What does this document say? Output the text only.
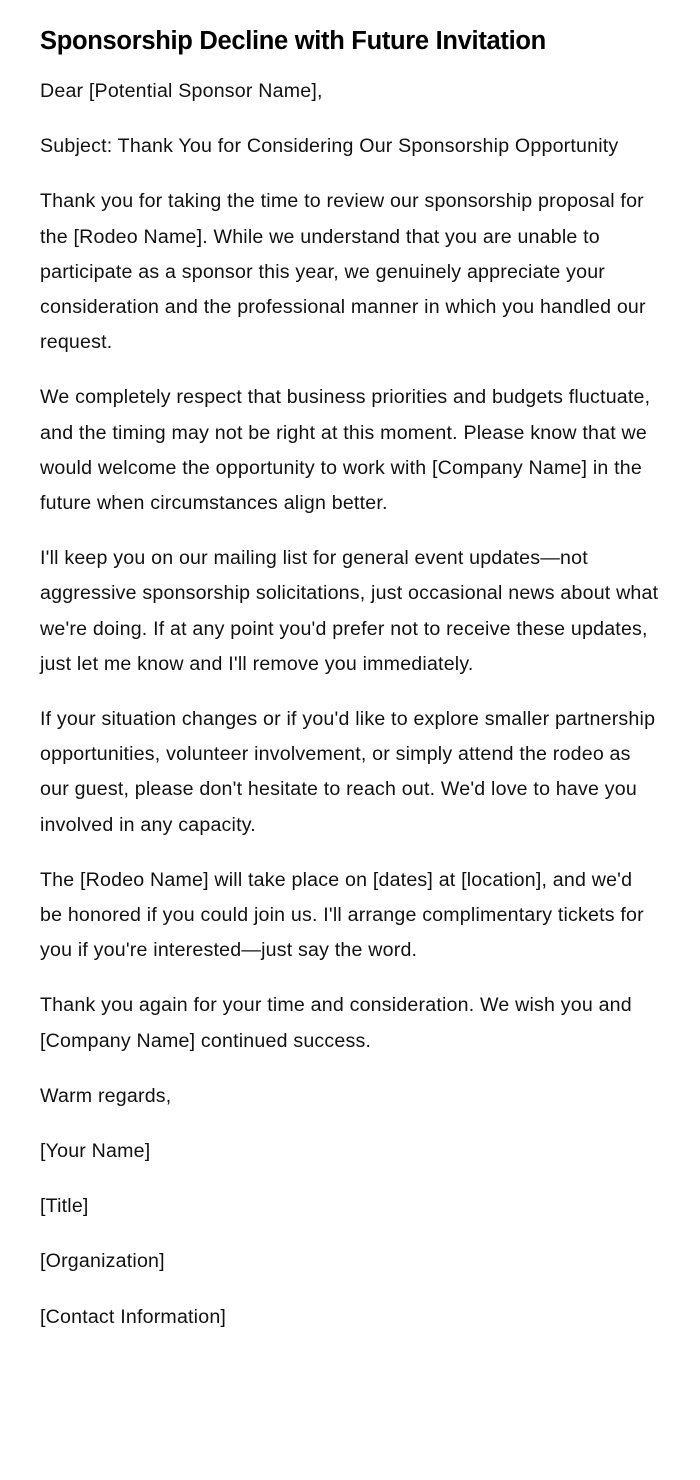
Sponsorship Decline with Future Invitation

Dear [Potential Sponsor Name],

Subject: Thank You for Considering Our Sponsorship Opportunity

Thank you for taking the time to review our sponsorship proposal for the [Rodeo Name]. While we understand that you are unable to participate as a sponsor this year, we genuinely appreciate your consideration and the professional manner in which you handled our request.

We completely respect that business priorities and budgets fluctuate, and the timing may not be right at this moment. Please know that we would welcome the opportunity to work with [Company Name] in the future when circumstances align better.

I'll keep you on our mailing list for general event updates—not aggressive sponsorship solicitations, just occasional news about what we're doing. If at any point you'd prefer not to receive these updates, just let me know and I'll remove you immediately.

If your situation changes or if you'd like to explore smaller partnership opportunities, volunteer involvement, or simply attend the rodeo as our guest, please don't hesitate to reach out. We'd love to have you involved in any capacity.

The [Rodeo Name] will take place on [dates] at [location], and we'd be honored if you could join us. I'll arrange complimentary tickets for you if you're interested—just say the word.

Thank you again for your time and consideration. We wish you and [Company Name] continued success.

Warm regards,

[Your Name]

[Title]

[Organization]

[Contact Information]
